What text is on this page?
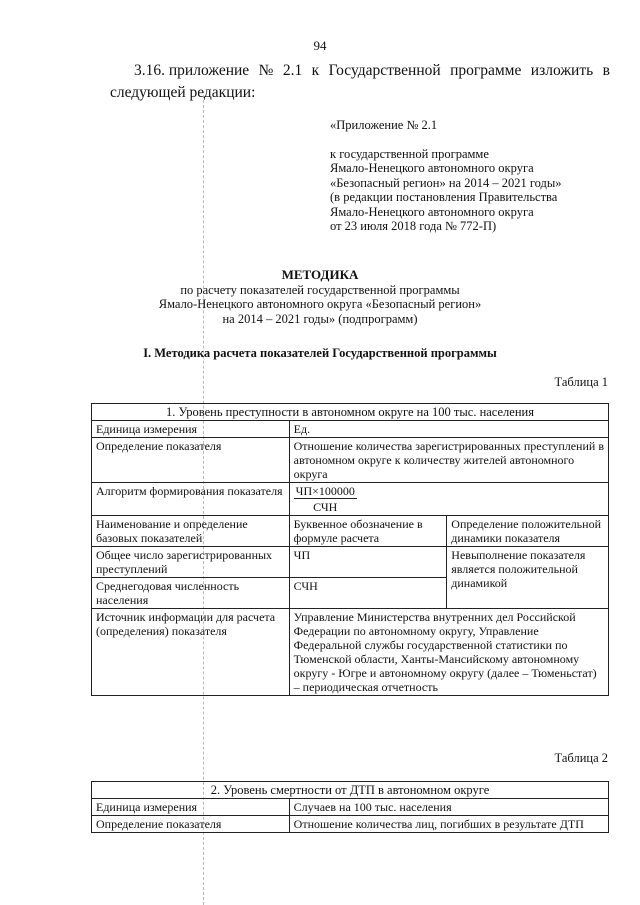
94
3.16. приложение № 2.1 к Государственной программе изложить в
следующей редакции:
«Приложение № 2.1
к государственной программе
Ямало-Ненецкого автономного округа
«Безопасный регион» на 2014 – 2021 годы»
(в редакции постановления Правительства
Ямало-Ненецкого автономного округа
от 23 июля 2018 года № 772-П)
МЕТОДИКА
по расчету показателей государственной программы
Ямало-Ненецкого автономного округа «Безопасный регион»
на 2014 – 2021 годы» (подпрограмм)
I. Методика расчета показателей Государственной программы
Таблица 1
1. Уровень преступности в автономном округе на 100 тыс. населения		
Единица измерения	Ед.	
Определение показателя	Отношение количества зарегистрированных преступлений в автономном округе к количеству жителей автономного округа	
Алгоритм формирования показателя	$\frac{ЧП\times 100000}{\text{СЧН}}$

Наименование и определение базовых показателей	Буквенное обозначение в формуле расчета	Определение положительной динамики показателя
Общее число зарегистрированных преступлений	ЧП	Невыполнение показателя является положительной динамикой
Среднегодовая численность населения	СЧН	
Источник информации для расчета (определения) показателя	Управление Министерства внутренних дел Российской Федерации по автономному округу, Управление Федеральной службы государственной статистики по Тюменской области, Ханты-Мансийскому автономному округу - Югре и автономному округу (далее – Тюменьстат) – периодическая отчетность	
Таблица 2
2. Уровень смертности от ДТП в автономном округе	
Единица измерения	Случаев на 100 тыс. населения
Определение показателя	Отношение количества лиц, погибших в результате ДТП
